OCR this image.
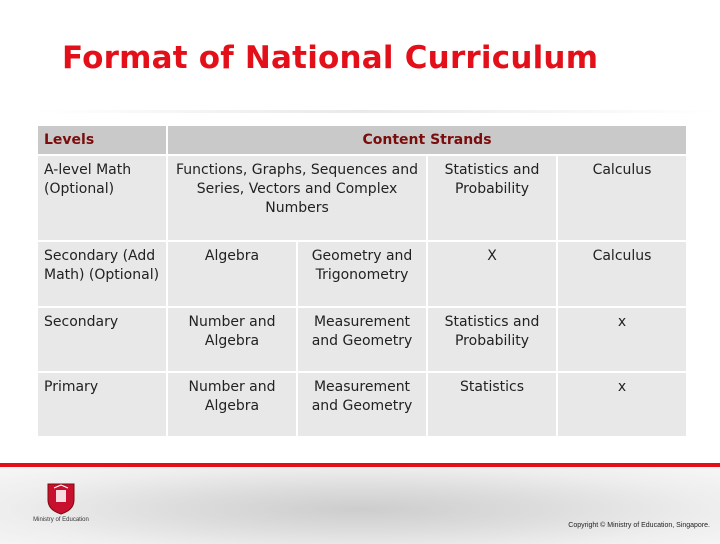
Format of National Curriculum
Levels	Content Strands			
A-level Math (Optional)	Functions, Graphs, Sequences and Series, Vectors and Complex Numbers		Statistics and Probability	Calculus
Secondary (Add Math) (Optional)	Algebra	Geometry and Trigonometry	X	Calculus
Secondary	Number and Algebra	Measurement and Geometry	Statistics and Probability	x
Primary	Number and Algebra	Measurement and Geometry	Statistics	x
Ministry of Education
Copyright © Ministry of Education, Singapore.
